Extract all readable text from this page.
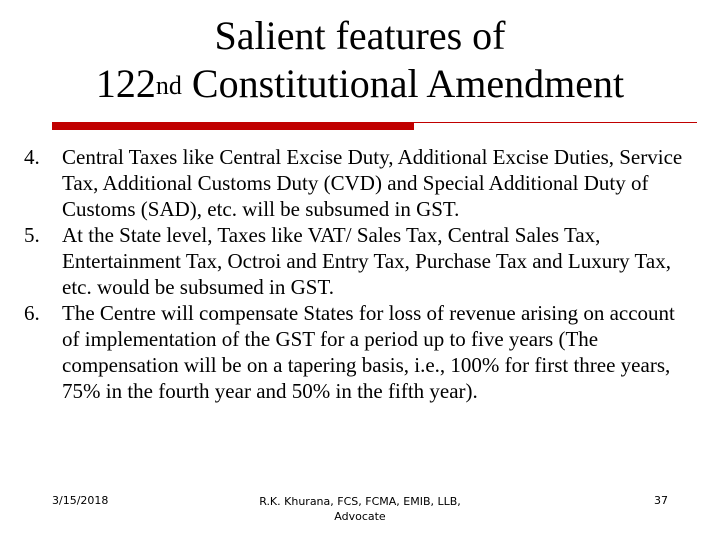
Salient features of
122nd Constitutional Amendment
4. Central Taxes like Central Excise Duty, Additional Excise Duties, Service Tax, Additional Customs Duty (CVD) and Special Additional Duty of Customs (SAD), etc. will be subsumed in GST.
5. At the State level, Taxes like VAT/ Sales Tax, Central Sales Tax, Entertainment Tax, Octroi and Entry Tax, Purchase Tax and Luxury Tax, etc. would be subsumed in GST.
6. The Centre will compensate States for loss of revenue arising on account of implementation of the GST for a period up to five years (The compensation will be on a tapering basis, i.e., 100% for first three years, 75% in the fourth year and 50% in the fifth year).
3/15/2018	R.K. Khurana, FCS, FCMA, EMIB, LLB,
Advocate
37
